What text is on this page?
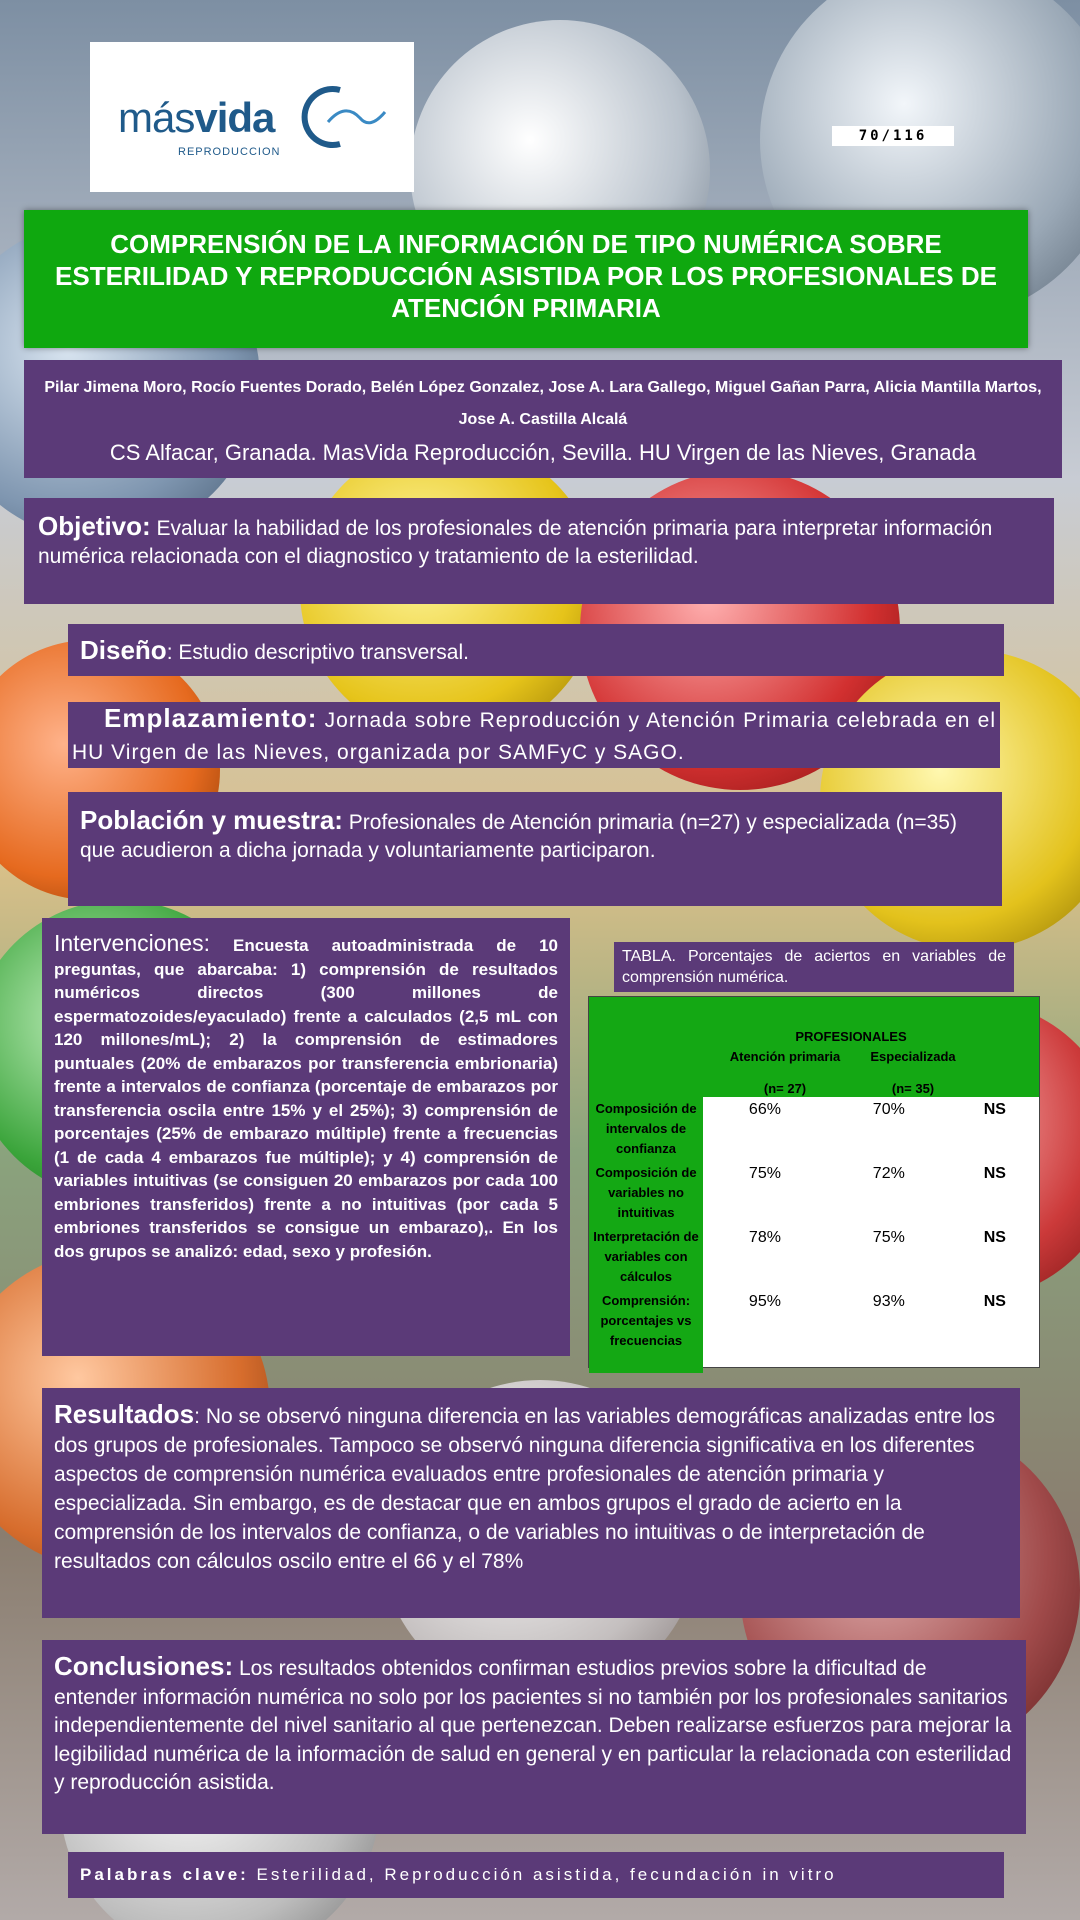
másvida
REPRODUCCION
70/116
COMPRENSIÓN DE LA INFORMACIÓN DE TIPO NUMÉRICA SOBRE ESTERILIDAD Y REPRODUCCIÓN ASISTIDA POR LOS PROFESIONALES DE ATENCIÓN PRIMARIA
Pilar Jimena Moro, Rocío Fuentes Dorado, Belén López Gonzalez, Jose A. Lara Gallego, Miguel Gañan Parra, Alicia Mantilla Martos, Jose A. Castilla Alcalá
CS Alfacar, Granada. MasVida Reproducción, Sevilla. HU Virgen de las Nieves, Granada
Objetivo: Evaluar la habilidad de los profesionales de atención primaria para interpretar información numérica relacionada con el diagnostico y tratamiento de la esterilidad.
Diseño: Estudio descriptivo transversal.
Emplazamiento: Jornada sobre Reproducción y Atención Primaria celebrada en el HU Virgen de las Nieves, organizada por SAMFyC y SAGO.
Población y muestra: Profesionales de Atención primaria (n=27) y especializada (n=35) que acudieron a dicha jornada y voluntariamente participaron.
Intervenciones: Encuesta autoadministrada de 10 preguntas, que abarcaba: 1) comprensión de resultados numéricos directos (300 millones de espermatozoides/eyaculado) frente a calculados (2,5 mL con 120 millones/mL); 2) la comprensión de estimadores puntuales (20% de embarazos por transferencia embrionaria) frente a intervalos de confianza (porcentaje de embarazos por transferencia oscila entre 15% y el 25%); 3) comprensión de porcentajes (25% de embarazo múltiple) frente a frecuencias (1 de cada 4 embarazos fue múltiple); y 4) comprensión de variables intuitivas (se consiguen 20 embarazos por cada 100 embriones transferidos) frente a no intuitivas (por cada 5 embriones transferidos se consigue un embarazo),. En los dos grupos se analizó: edad, sexo y profesión.
TABLA. Porcentajes de aciertos en variables de comprensión numérica.

	PROFESIONALES
Atención primaria Especializada
(n= 27) (n= 35)		

Composición de intervalos de confianza	66%	70%	NS
Composición de variables no intuitivas	75%	72%	NS
Interpretación de variables con cálculos	78%	75%	NS
Comprensión: porcentajes vs frecuencias	95%	93%	NS
Resultados: No se observó ninguna diferencia en las variables demográficas analizadas entre los dos grupos de profesionales. Tampoco se observó ninguna diferencia significativa en los diferentes aspectos de comprensión numérica evaluados entre profesionales de atención primaria y especializada. Sin embargo, es de destacar que en ambos grupos el grado de acierto en la comprensión de los intervalos de confianza, o de variables no intuitivas o de interpretación de resultados con cálculos oscilo entre el 66 y el 78%
Conclusiones: Los resultados obtenidos confirman estudios previos sobre la dificultad de entender información numérica no solo por los pacientes si no también por los profesionales sanitarios independientemente del nivel sanitario al que pertenezcan. Deben realizarse esfuerzos para mejorar la legibilidad numérica de la información de salud en general y en particular la relacionada con esterilidad y reproducción asistida.
Palabras clave: Esterilidad, Reproducción asistida, fecundación in vitro
